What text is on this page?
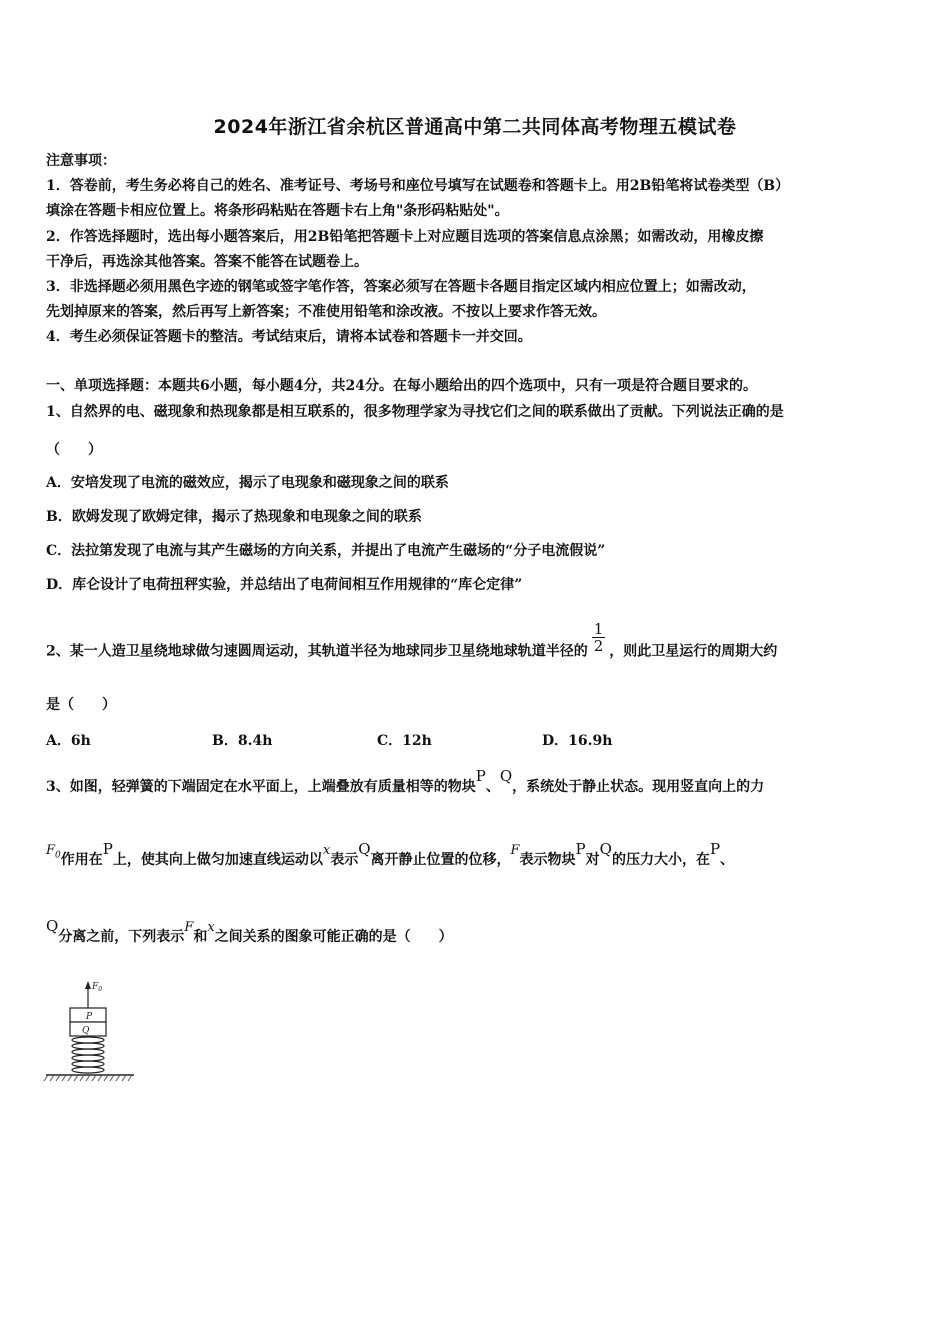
2024年浙江省余杭区普通高中第二共同体高考物理五模试卷
注意事项：
1．答卷前，考生务必将自己的姓名、准考证号、考场号和座位号填写在试题卷和答题卡上。用2B铅笔将试卷类型（B）
填涂在答题卡相应位置上。将条形码粘贴在答题卡右上角"条形码粘贴处"。
2．作答选择题时，选出每小题答案后，用2B铅笔把答题卡上对应题目选项的答案信息点涂黑；如需改动，用橡皮擦
干净后，再选涂其他答案。答案不能答在试题卷上。
3．非选择题必须用黑色字迹的钢笔或签字笔作答，答案必须写在答题卡各题目指定区域内相应位置上；如需改动，
先划掉原来的答案，然后再写上新答案；不准使用铅笔和涂改液。不按以上要求作答无效。
4．考生必须保证答题卡的整洁。考试结束后，请将本试卷和答题卡一并交回。
一、单项选择题：本题共6小题，每小题4分，共24分。在每小题给出的四个选项中，只有一项是符合题目要求的。
1、自然界的电、磁现象和热现象都是相互联系的，很多物理学家为寻找它们之间的联系做出了贡献。下列说法正确的是
（　　）
A．安培发现了电流的磁效应，揭示了电现象和磁现象之间的联系
B．欧姆发现了欧姆定律，揭示了热现象和电现象之间的联系
C．法拉第发现了电流与其产生磁场的方向关系，并提出了电流产生磁场的“分子电流假说”
D．库仑设计了电荷扭秤实验，并总结出了电荷间相互作用规律的“库仑定律”
2、某一人造卫星绕地球做匀速圆周运动，其轨道半径为地球同步卫星绕地球轨道半径的 $\frac{1}{2}$ ，则此卫星运行的周期大约
是（　　）
A．6h	B．8.4h	C．12h	D．16.9h
3、如图，轻弹簧的下端固定在水平面上，上端叠放有质量相等的物块P、Q，系统处于静止状态。现用竖直向上的力
$F_0$作用在P上，使其向上做匀加速直线运动以x表示Q离开静止位置的位移，F表示物块P对Q的压力大小，在P、
Q分离之前，下列表示F和x之间关系的图象可能正确的是（　　）
$F_0$
P
Q
